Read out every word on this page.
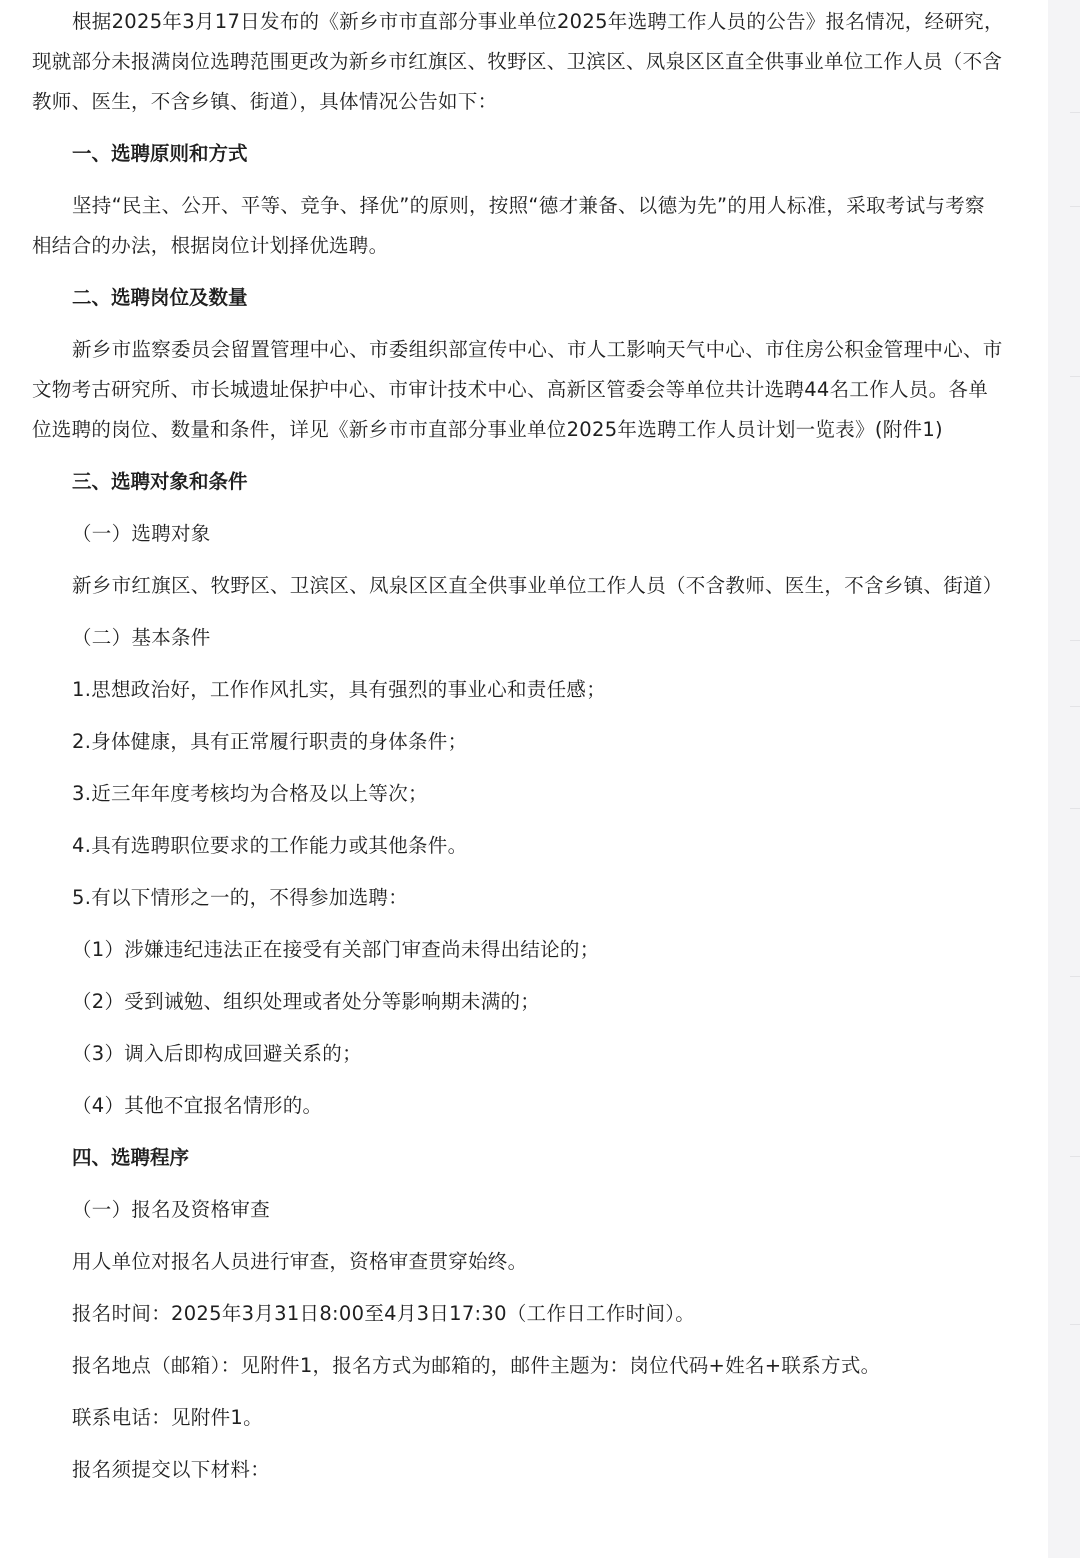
根据2025年3月17日发布的《新乡市市直部分事业单位2025年选聘工作人员的公告》报名情况，经研究，现就部分未报满岗位选聘范围更改为新乡市红旗区、牧野区、卫滨区、凤泉区区直全供事业单位工作人员（不含教师、医生，不含乡镇、街道），具体情况公告如下：

一、选聘原则和方式

坚持“民主、公开、平等、竞争、择优”的原则，按照“德才兼备、以德为先”的用人标准，采取考试与考察相结合的办法，根据岗位计划择优选聘。

二、选聘岗位及数量

新乡市监察委员会留置管理中心、市委组织部宣传中心、市人工影响天气中心、市住房公积金管理中心、市文物考古研究所、市长城遗址保护中心、市审计技术中心、高新区管委会等单位共计选聘44名工作人员。各单位选聘的岗位、数量和条件，详见《新乡市市直部分事业单位2025年选聘工作人员计划一览表》(附件1)

三、选聘对象和条件

（一）选聘对象

新乡市红旗区、牧野区、卫滨区、凤泉区区直全供事业单位工作人员（不含教师、医生，不含乡镇、街道）

（二）基本条件

1.思想政治好，工作作风扎实，具有强烈的事业心和责任感；

2.身体健康，具有正常履行职责的身体条件；

3.近三年年度考核均为合格及以上等次；

4.具有选聘职位要求的工作能力或其他条件。

5.有以下情形之一的，不得参加选聘：

（1）涉嫌违纪违法正在接受有关部门审查尚未得出结论的；

（2）受到诫勉、组织处理或者处分等影响期未满的；

（3）调入后即构成回避关系的；

（4）其他不宜报名情形的。

四、选聘程序

（一）报名及资格审查

用人单位对报名人员进行审查，资格审查贯穿始终。

报名时间：2025年3月31日8:00至4月3日17:30（工作日工作时间）。

报名地点（邮箱）：见附件1，报名方式为邮箱的，邮件主题为：岗位代码+姓名+联系方式。

联系电话：见附件1。

报名须提交以下材料：
